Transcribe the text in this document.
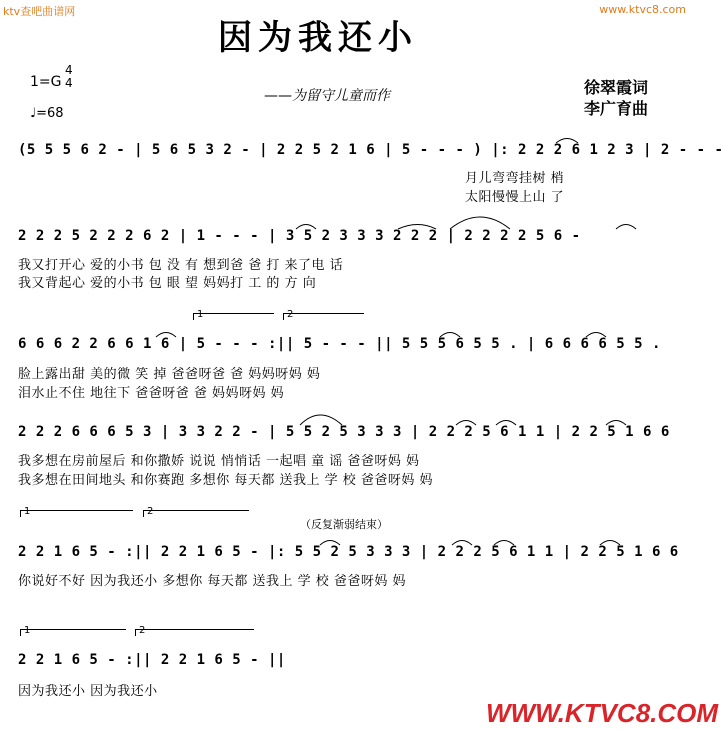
ktv查吧曲谱网	www.ktvc8.com
因为我还小
1=G
4
4
♩=68
——为留守儿童而作	徐翠霞词
李广育曲
(5 5 5 6 2 - | 5 6 5 3 2 - | 2 2 5 2 1 6 | 5 - - - ) |: 2 2 2 6 1 2 3 | 2 - - -
月儿弯弯挂树 梢
太阳慢慢上山 了
2 2 2 5 2 2 2 6 2 | 1 - - - | 3 5 2 3 3 3 2 2 2 | 2 2 2 2 5 6 -
我又打开心 爱的小书 包 没 有 想到爸 爸 打 来了电 话
我又背起心 爱的小书 包 眼 望 妈妈打 工 的 方 向
1	2
6 6 6 2 2 6 6 1 6 | 5 - - - :|| 5 - - - || 5 5 5 6 5 5 . | 6 6 6 6 5 5 .
脸上露出甜 美的微 笑 掉 爸爸呀爸 爸 妈妈呀妈 妈
泪水止不住 地往下 爸爸呀爸 爸 妈妈呀妈 妈
2 2 2 6 6 6 5 3 | 3 3 2 2 - | 5 5 2 5 3 3 3 | 2 2 2 5 6 1 1 | 2 2 5 1 6 6
我多想在房前屋后 和你撒娇 说说 悄悄话 一起唱 童 谣 爸爸呀妈 妈
我多想在田间地头 和你赛跑 多想你 每天都 送我上 学 校 爸爸呀妈 妈
1	2
（反复渐弱结束）
2 2 1 6 5 - :|| 2 2 1 6 5 - |: 5 5 2 5 3 3 3 | 2 2 2 5 6 1 1 | 2 2 5 1 6 6
你说好不好 因为我还小 多想你 每天都 送我上 学 校 爸爸呀妈 妈
1	2
2 2 1 6 5 - :|| 2 2 1 6 5 - ||
因为我还小 因为我还小
WWW.KTVC8.COM
